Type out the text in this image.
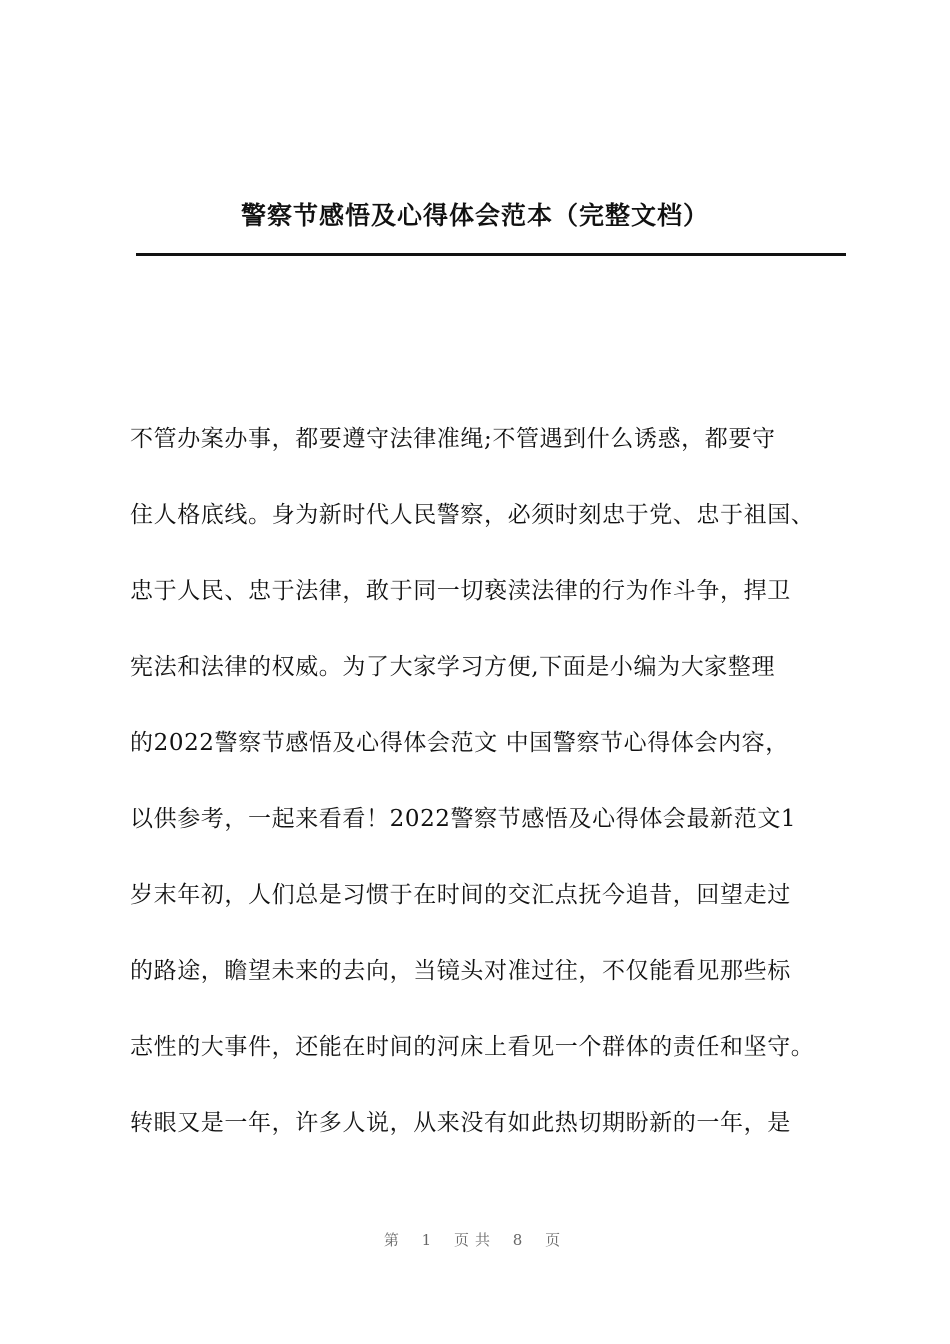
警察节感悟及心得体会范本（完整文档）
不管办案办事，都要遵守法律准绳;不管遇到什么诱惑，都要守
住人格底线。身为新时代人民警察，必须时刻忠于党、忠于祖国、
忠于人民、忠于法律，敢于同一切亵渎法律的行为作斗争，捍卫
宪法和法律的权威。为了大家学习方便,下面是小编为大家整理
的2022警察节感悟及心得体会范文 中国警察节心得体会内容，
以供参考，一起来看看！2022警察节感悟及心得体会最新范文1
岁末年初，人们总是习惯于在时间的交汇点抚今追昔，回望走过
的路途，瞻望未来的去向，当镜头对准过往，不仅能看见那些标
志性的大事件，还能在时间的河床上看见一个群体的责任和坚守。
转眼又是一年，许多人说，从来没有如此热切期盼新的一年，是
第 1 页共 8 页
